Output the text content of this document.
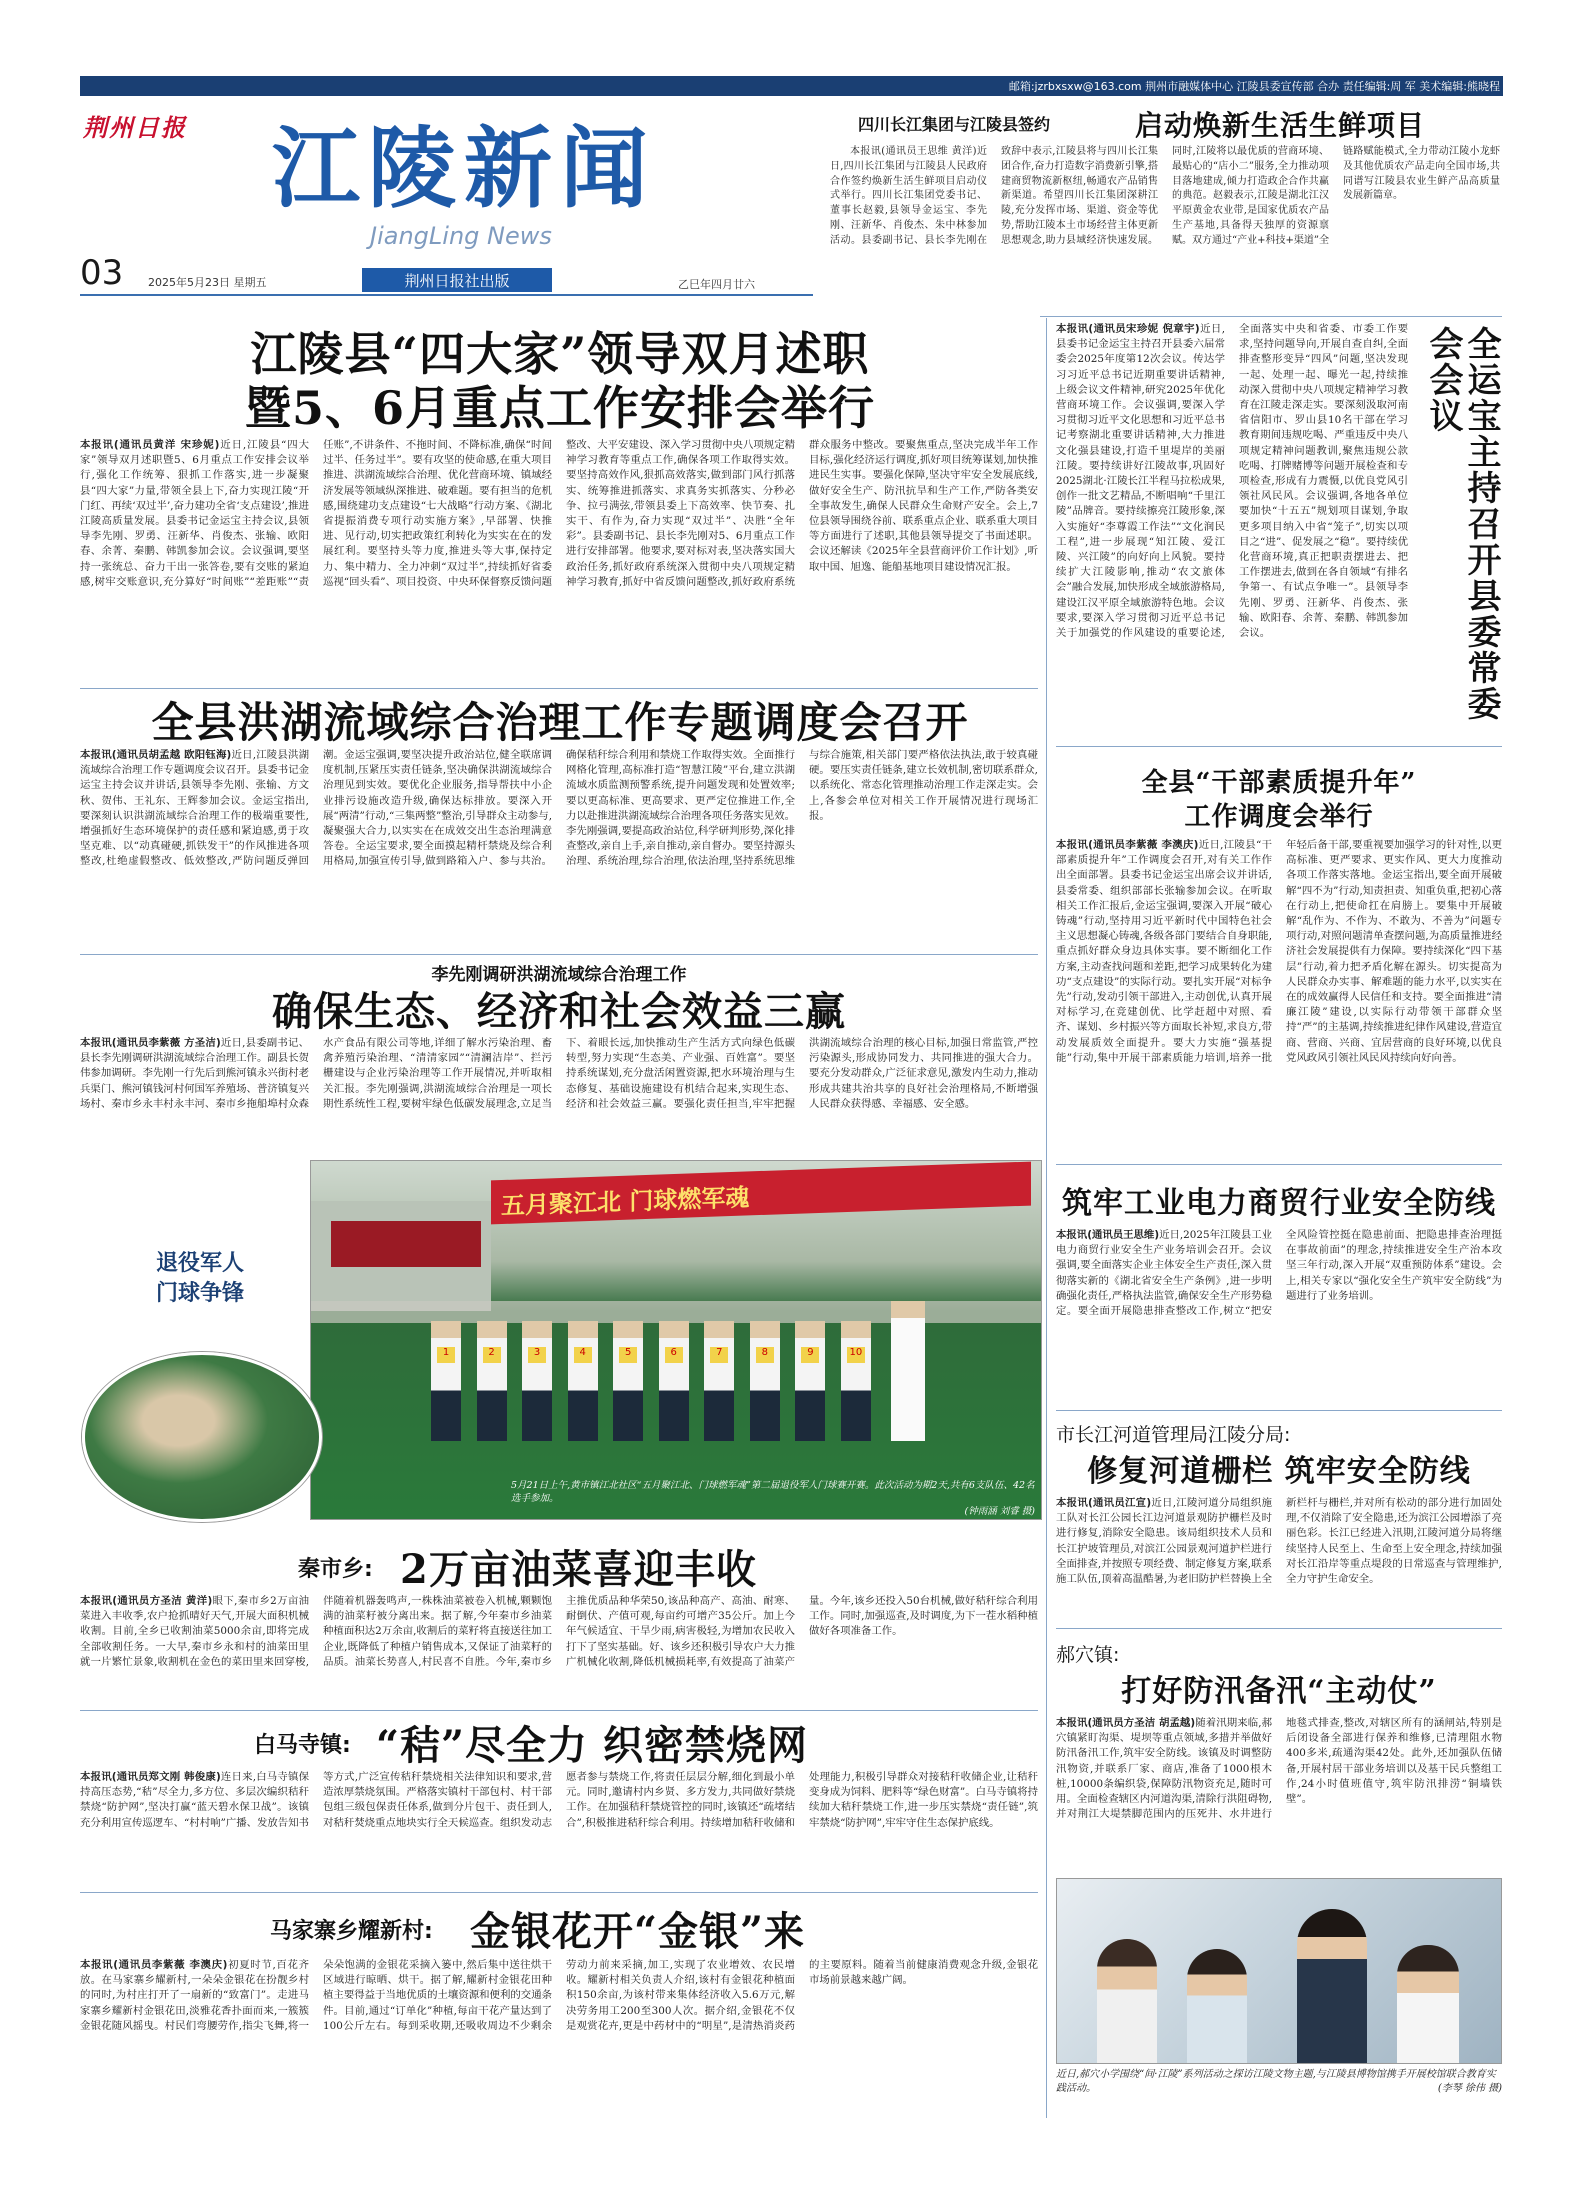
邮箱:jzrbxsxw@163.com 荆州市融媒体中心 江陵县委宣传部 合办 责任编辑:周 军 美术编辑:熊晓程
荆州日报 江陵新闻
JiangLing News
03	2025年5月23日 星期五	荆州日报社出版	乙巳年四月廿六
四川长江集团与江陵县签约	启动焕新生活生鲜项目
本报讯(通讯员王思维 黄洋)近日,四川长江集团与江陵县人民政府合作签约焕新生活生鲜项目启动仪式举行。四川长江集团党委书记、董事长赵毅,县领导金运宝、李先刚、汪新华、肖俊杰、朱中林参加活动。县委副书记、县长李先刚在致辞中表示,江陵县将与四川长江集团合作,奋力打造数字消费新引擎,搭建商贸物流新枢纽,畅通农产品销售新渠道。希望四川长江集团深耕江陵,充分发挥市场、渠道、资金等优势,帮助江陵本土市场经营主体更新思想观念,助力县域经济快速发展。同时,江陵将以最优质的营商环境、最贴心的“店小二”服务,全力推动项目落地建成,倾力打造政企合作共赢的典范。赵毅表示,江陵是湖北江汉平原黄金农业带,是国家优质农产品生产基地,具备得天独厚的资源禀赋。双方通过“产业+科技+渠道”全链路赋能模式,全力带动江陵小龙虾及其他优质农产品走向全国市场,共同谱写江陵县农业生鲜产品高质量发展新篇章。
江陵县“四大家”领导双月述职
暨5、6月重点工作安排会举行
本报讯(通讯员黄洋 宋珍妮)近日,江陵县“四大家”领导双月述职暨5、6月重点工作安排会议举行,强化工作统筹、狠抓工作落实,进一步凝聚县“四大家”力量,带领全县上下,奋力实现江陵“开门红、再续‘双过半’,奋力建功全省‘支点建设’,推进江陵高质量发展。县委书记金运宝主持会议,县领导李先刚、罗勇、汪新华、肖俊杰、张输、欧阳春、余菁、秦鹏、韩凯参加会议。会议强调,要坚持一张统总、奋力干出一张答卷,要有交账的紧迫感,树牢交账意识,充分算好“时间账”“差距账”“责任账”,不讲条件、不拖时间、不降标准,确保“时间过半、任务过半”。要有攻坚的使命感,在重大项目推进、洪湖流域综合治理、优化营商环境、镇域经济发展等领域纵深推进、破难题。要有担当的危机感,围绕建功支点建设“七大战略”行动方案、《湖北省提振消费专项行动实施方案》,早部署、快推进、见行动,切实把政策红利转化为实实在在的发展红利。要坚持头等力度,推进头等大事,保持定力、集中精力、全力冲刺“双过半”,持续抓好省委巡视“回头看”、项目投资、中央环保督察反馈问题整改、大平安建设、深入学习贯彻中央八项规定精神学习教育等重点工作,确保各项工作取得实效。要坚持高效作风,狠抓高效落实,做到部门风行抓落实、统筹推进抓落实、求真务实抓落实、分秒必争、拉弓满弦,带领县委上下高效率、快节奏、扎实干、有作为,奋力实现“双过半”、决胜“全年彩”。县委副书记、县长李先刚对5、6月重点工作进行安排部署。他要求,要对标对表,坚决落实国大政治任务,抓好政府系统深入贯彻中央八项规定精神学习教育,抓好中省反馈问题整改,抓好政府系统群众服务中整改。要聚焦重点,坚决完成半年工作目标,强化经济运行调度,抓好项目统筹谋划,加快推进民生实事。要强化保障,坚决守牢安全发展底线,做好安全生产、防汛抗旱和生产工作,严防各类安全事故发生,确保人民群众生命财产安全。会上,7位县领导围绕谷前、联系重点企业、联系重大项目等方面进行了述职,其他县领导提交了书面述职。会议还解读《2025年全县营商评价工作计划》,听取中国、旭逸、能船基地项目建设情况汇报。
全县洪湖流域综合治理工作专题调度会召开
本报讯(通讯员胡孟越 欧阳钰海)近日,江陵县洪湖流域综合治理工作专题调度会议召开。县委书记金运宝主持会议并讲话,县领导李先刚、张输、方文秋、贺伟、王礼东、王辉参加会议。金运宝指出,要深刻认识洪湖流域综合治理工作的极端重要性,增强抓好生态环境保护的责任感和紧迫感,勇于攻坚克难、以“动真碰硬,抓铁发干”的作风推进各项整改,杜绝虚假整改、低效整改,严防问题反弹回潮。金运宝强调,要坚决提升政治站位,健全联席调度机制,压紧压实责任链条,坚决确保洪湖流域综合治理见到实效。要优化企业服务,指导帮扶中小企业排污设施改造升级,确保达标排放。要深入开展“两清”行动,“三集两整”整治,引导群众主动参与,凝聚强大合力,以实实在在成效交出生态治理满意答卷。全运宝要求,要全面摸起精杆禁烧及综合利用格局,加强宣传引导,做到路箱入户、参与共治。确保秸秆综合利用和禁烧工作取得实效。全面推行网格化管理,高标准打造“智慧江陵”平台,建立洪湖流域水质监测预警系统,提升问题发现和处置效率;要以更高标准、更高要求、更严定位推进工作,全力以赴推进洪湖流域综合治理各项任务落实见效。李先刚强调,要提高政治站位,科学研判形势,深化排查整改,亲自上手,亲自推动,亲自督办。要坚持源头治理、系统治理,综合治理,依法治理,坚持系统思维与综合施策,相关部门要严格依法执法,敢于较真碰硬。要压实责任链条,建立长效机制,密切联系群众,以系统化、常态化管理推动治理工作走深走实。会上,各参会单位对相关工作开展情况进行现场汇报。
李先刚调研洪湖流域综合治理工作
确保生态、经济和社会效益三赢
本报讯(通讯员李紫薇 方圣洁)近日,县委副书记、县长李先刚调研洪湖流域综合治理工作。副县长贺伟参加调研。李先刚一行先后到熊河镇永兴街村老兵渠门、熊河镇钱河村何国军养殖场、普济镇复兴场村、秦市乡永丰村永丰河、秦市乡拖船埠村众森水产食品有限公司等地,详细了解水污染治理、畜禽养殖污染治理、“清清家园”“清澜洁岸”、拦污栅建设与企业污染治理等工作开展情况,并听取相关汇报。李先刚强调,洪湖流域综合治理是一项长期性系统性工程,要树牢绿色低碳发展理念,立足当下、着眼长远,加快推动生产生活方式向绿色低碳转型,努力实现“生态美、产业强、百姓富”。要坚持系统谋划,充分盘活闲置资源,把水环境治理与生态修复、基础设施建设有机结合起来,实现生态、经济和社会效益三赢。要强化责任担当,牢牢把握洪湖流域综合治理的核心目标,加强日常监管,严控污染源头,形成协同发力、共同推进的强大合力。要充分发动群众,广泛征求意见,激发内生动力,推动形成共建共治共享的良好社会治理格局,不断增强人民群众获得感、幸福感、安全感。
五月聚江北 门球燃军魂
1	2	3	4	5	6	7	8	9	10
5月21日上午,黄市镇江北社区“五月聚江北、门球燃军魂”第二届退役军人门球赛开赛。此次活动为期2天,共有6支队伍、42名选手参加。

(钟雨涵 刘睿 摄)
退役军人
门球争锋
秦市乡: 2万亩油菜喜迎丰收
本报讯(通讯员方圣洁 黄洋)眼下,秦市乡2万亩油菜进入丰收季,农户抢抓晴好天气,开展大面积机械收割。目前,全乡已收割油菜5000余亩,即将完成全部收割任务。一大早,秦市乡永和村的油菜田里就一片繁忙景象,收割机在金色的菜田里来回穿梭,伴随着机器轰鸣声,一株株油菜被卷入机械,颗颗饱满的油菜籽被分离出来。据了解,今年秦市乡油菜种植面积达2万余亩,收割后的菜籽将直接送往加工企业,既降低了种植户销售成本,又保证了油菜籽的品质。油菜长势喜人,村民喜不自胜。今年,秦市乡主推优质品种华荣50,该品种高产、高油、耐寒、耐倒伏、产值可观,每亩约可增产35公斤。加上今年气候适宜、干旱少雨,病害极轻,为增加农民收入打下了坚实基础。好、该乡还积极引导农户大力推广机械化收割,降低机械损耗率,有效提高了油菜产量。今年,该乡还投入50台机械,做好秸秆综合利用工作。同时,加强巡查,及时调度,为下一茬水稻种植做好各项准备工作。
白马寺镇: “秸”尽全力 织密禁烧网
本报讯(通讯员郑文刚 韩俊康)连日来,白马寺镇保持高压态势,“秸”尽全力,多方位、多层次编织秸秆禁烧“防护网”,坚决打赢“蓝天碧水保卫战”。该镇充分利用宣传巡逻车、“村村响”广播、发放告知书等方式,广泛宣传秸秆禁烧相关法律知识和要求,营造浓厚禁烧氛围。严格落实镇村干部包村、村干部包组三级包保责任体系,做到分片包干、责任到人,对秸秆焚烧重点地块实行全天候巡查。组织发动志愿者参与禁烧工作,将责任层层分解,细化到最小单元。同时,邀请村内乡贤、多方发力,共同做好禁烧工作。在加强秸秆禁烧管控的同时,该镇还“疏堵结合”,积极推进秸秆综合利用。持续增加秸秆收储和处理能力,积极引导群众对接秸秆收储企业,让秸秆变身成为饲料、肥料等“绿色财富”。白马寺镇将持续加大秸秆禁烧工作,进一步压实禁烧“责任链”,筑牢禁烧“防护网”,牢牢守住生态保护底线。
马家寨乡耀新村: 金银花开“金银”来
本报讯(通讯员李紫薇 李澳庆)初夏时节,百花齐放。在马家寨乡耀新村,一朵朵金银花在扮靓乡村的同时,为村庄打开了一扇新的“致富门”。走进马家寨乡耀新村金银花田,淡雅花香扑面而来,一簇簇金银花随风摇曳。村民们弯腰劳作,指尖飞舞,将一朵朵饱满的金银花采摘入篓中,然后集中送往烘干区域进行晾晒、烘干。据了解,耀新村金银花田种植主要得益于当地优质的土壤资源和便利的交通条件。目前,通过“订单化”种植,每亩干花产量达到了100公斤左右。每到采收期,还吸收周边不少剩余劳动力前来采摘,加工,实现了农业增效、农民增收。耀新村相关负责人介绍,该村有金银花种植面积150余亩,为该村带来集体经济收入5.6万元,解决劳务用工200至300人次。据介绍,金银花不仅是观赏花卉,更是中药材中的“明星”,是清热消炎药的主要原料。随着当前健康消费观念升级,金银花市场前景越来越广阔。
本报讯(通讯员宋珍妮 倪章宇)近日,县委书记金运宝主持召开县委六届常委会2025年度第12次会议。传达学习习近平总书记近期重要讲话精神,上级会议文件精神,研究2025年优化营商环境工作。会议强调,要深入学习贯彻习近平文化思想和习近平总书记考察湖北重要讲话精神,大力推进文化强县建设,打造千里堤岸的美丽江陵。要持续讲好江陵故事,巩固好2025湖北·江陵长江半程马拉松成果,创作一批文艺精品,不断唱响“千里江陵”品牌音。要持续擦亮江陵形象,深入实施好“李尊霞工作法”“文化润民工程”,进一步展现“知江陵、爱江陵、兴江陵”的向好向上风貌。要持续扩大江陵影响,推动“农文旅体会”融合发展,加快形成全域旅游格局,建设江汉平原全域旅游特色地。会议要求,要深入学习贯彻习近平总书记关于加强党的作风建设的重要论述,全面落实中央和省委、市委工作要求,坚持问题导向,开展自查自纠,全面排查整形变异“四风”问题,坚决发现一起、处理一起、曝光一起,持续推动深入贯彻中央八项规定精神学习教育在江陵走深走实。要深刻汲取河南省信阳市、罗山县10名干部在学习教育期间违规吃喝、严重违反中央八项规定精神问题教训,聚焦违规公款吃喝、打牌赌博等问题开展检查和专项检查,形成有力震慑,以优良党风引领社风民风。会议强调,各地各单位要加快“十五五”规划项目谋划,争取更多项目纳入中省“笼子”,切实以项目之“进”、促发展之“稳”。要持续优化营商环境,真正把职责摆进去、把工作摆进去,做到在各自领域“有排名争第一、有试点争唯一”。县领导李先刚、罗勇、汪新华、肖俊杰、张输、欧阳春、余菁、秦鹏、韩凯参加会议。	全运宝主持召开县委常委会会议
全县“干部素质提升年”
工作调度会举行
本报讯(通讯员李紫薇 李澳庆)近日,江陵县“干部素质提升年”工作调度会召开,对有关工作作出全面部署。县委书记金运宝出席会议并讲话,县委常委、组织部部长张输参加会议。在听取相关工作汇报后,金运宝强调,要深入开展“破心铸魂”行动,坚持用习近平新时代中国特色社会主义思想凝心铸魂,各级各部门要结合自身职能,重点抓好群众身边具体实事。要不断细化工作方案,主动查找问题和差距,把学习成果转化为建功“支点建设”的实际行动。要扎实开展“对标争先”行动,发动引领干部进入,主动创优,认真开展对标学习,在竞建创优、比学赶超中对照、看齐、谋划、乡村振兴等方面取长补短,求良方,带动发展质效全面提升。要大力实施“强基提能”行动,集中开展干部素质能力培训,培养一批年轻后备干部,要重视要加强学习的针对性,以更高标准、更严要求、更实作风、更大力度推动各项工作落实落地。金运宝指出,要全面开展破解“四不为”行动,知责担责、知重负重,把初心落在行动上,把使命扛在肩膀上。要集中开展破解“乱作为、不作为、不敢为、不善为”问题专项行动,对照问题清单查摆问题,为高质量推进经济社会发展提供有力保障。要持续深化“四下基层”行动,着力把矛盾化解在源头。切实提高为人民群众办实事、解难题的能力水平,以实实在在的成效赢得人民信任和支持。要全面推进“清廉江陵”建设,以实际行动带领干部群众坚持“严”的主基调,持续推进纪律作风建设,营造宜商、营商、兴商、宜居营商的良好环境,以优良党风政风引领社风民风持续向好向善。
筑牢工业电力商贸行业安全防线
本报讯(通讯员王思维)近日,2025年江陵县工业电力商贸行业安全生产业务培训会召开。会议强调,要全面落实企业主体安全生产责任,深入贯彻落实新的《湖北省安全生产条例》,进一步明确强化责任,严格执法监管,确保安全生产形势稳定。要全面开展隐患排查整改工作,树立“把安全风险管控挺在隐患前面、把隐患排查治理挺在事故前面”的理念,持续推进安全生产治本攻坚三年行动,深入开展“双重预防体系”建设。会上,相关专家以“强化安全生产筑牢安全防线”为题进行了业务培训。
市长江河道管理局江陵分局:
修复河道栅栏 筑牢安全防线
本报讯(通讯员江宣)近日,江陵河道分局组织施工队对长江公园长江边河道景观防护栅栏及时进行修复,消除安全隐患。该局组织技术人员和长江护坡管理员,对滨江公园景观河道护栏进行全面排查,并按照专项经费、制定修复方案,联系施工队伍,顶着高温酷暑,为老旧防护栏替换上全新栏杆与栅栏,并对所有松动的部分进行加固处理,不仅消除了安全隐患,还为滨江公园增添了亮丽色彩。长江已经进入汛期,江陵河道分局将继续坚持人民至上、生命至上安全理念,持续加强对长江沿岸等重点堤段的日常巡查与管理维护,全力守护生命安全。
郝穴镇:
打好防汛备汛“主动仗”
本报讯(通讯员方圣洁 胡孟越)随着汛期来临,郝穴镇紧盯沟渠、堤坝等重点领域,多措并举做好防汛备汛工作,筑牢安全防线。该镇及时调整防汛物资,并联系厂家、商店,准备了1000根木桩,10000条编织袋,保障防汛物资充足,随时可用。全面检查辖区内河道沟渠,清除行洪阻碍物,并对荆江大堤禁脚范围内的压死井、水井进行地毯式排查,整改,对辖区所有的涵闸站,特别是后闭设备全部进行保养和维修,已清理阻水物400多米,疏通沟渠42处。此外,还加强队伍储备,开展村居干部业务培训以及基干民兵整组工作,24小时值班值守,筑牢防汛排涝“铜墙铁壁”。
近日,郝穴小学围绕“间·江陵”系列活动之探访江陵文物主题,与江陵县博物馆携手开展校馆联合教育实践活动。	(李琴 徐伟 摄)
